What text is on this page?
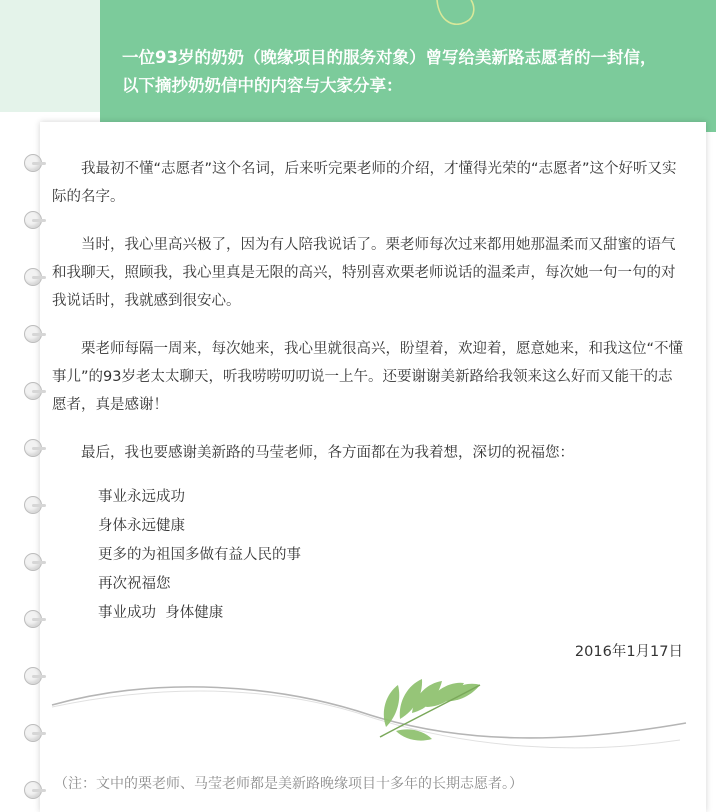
一位93岁的奶奶（晚缘项目的服务对象）曾写给美新路志愿者的一封信，
以下摘抄奶奶信中的内容与大家分享：

我最初不懂“志愿者”这个名词，后来听完栗老师的介绍，才懂得光荣的“志愿者”这个好听又实际的名字。

当时，我心里高兴极了，因为有人陪我说话了。栗老师每次过来都用她那温柔而又甜蜜的语气和我聊天，照顾我，我心里真是无限的高兴，特别喜欢栗老师说话的温柔声，每次她一句一句的对我说话时，我就感到很安心。

栗老师每隔一周来，每次她来，我心里就很高兴，盼望着，欢迎着，愿意她来，和我这位“不懂事儿”的93岁老太太聊天，听我唠唠叨叨说一上午。还要谢谢美新路给我领来这么好而又能干的志愿者，真是感谢！

最后，我也要感谢美新路的马莹老师，各方面都在为我着想，深切的祝福您：

事业永远成功
身体永远健康
更多的为祖国多做有益人民的事
再次祝福您
事业成功  身体健康
2016年1月17日
（注：文中的栗老师、马莹老师都是美新路晚缘项目十多年的长期志愿者。）
